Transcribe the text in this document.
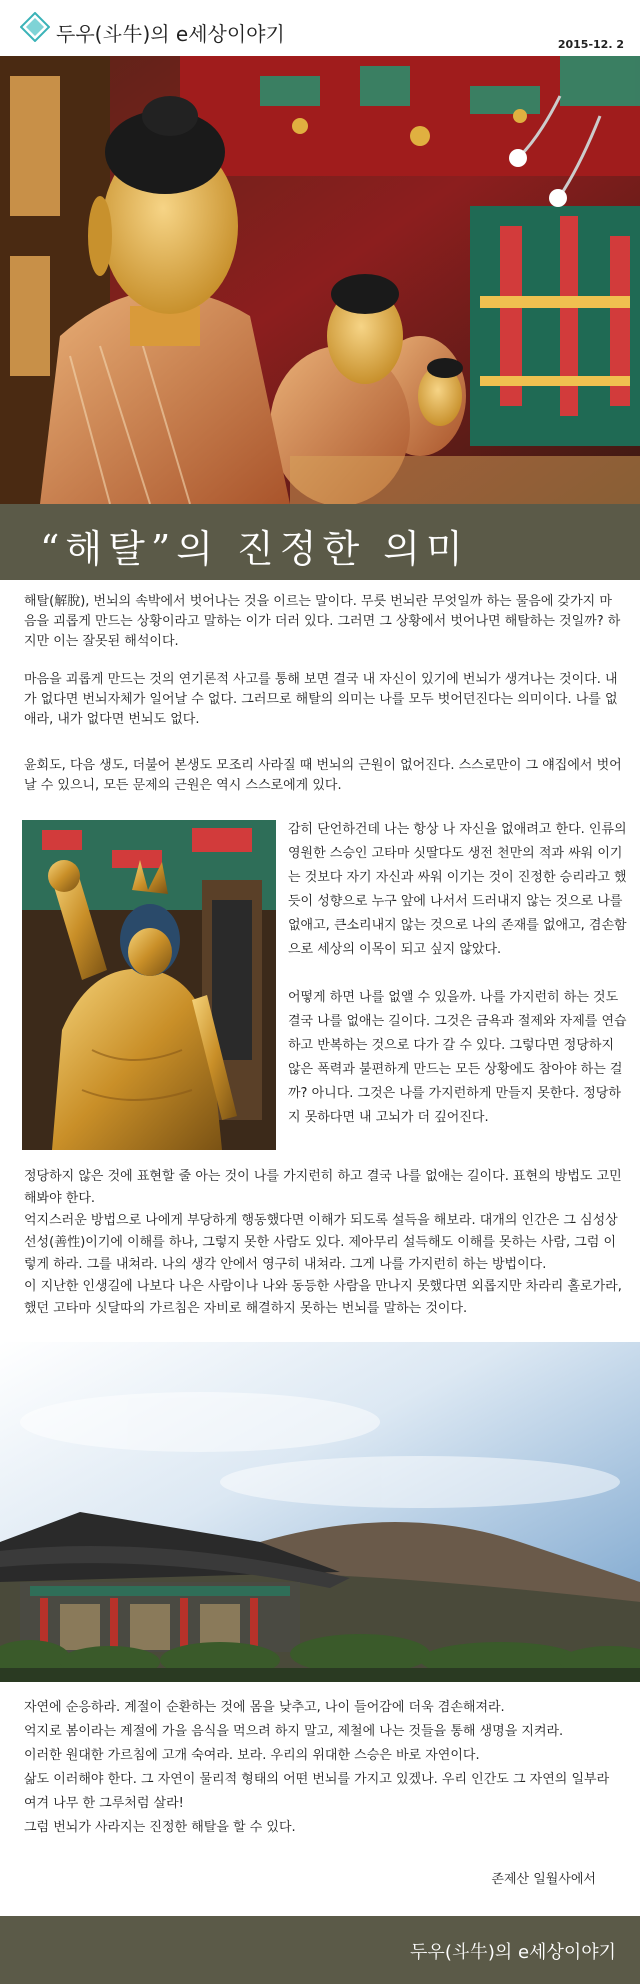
두우(斗牛)의 e세상이야기	2015-12. 2
“해탈”의 진정한 의미

해탈(解脫), 번뇌의 속박에서 벗어나는 것을 이르는 말이다. 무릇 번뇌란 무엇일까 하는 물음에 갖가지 마음을 괴롭게 만드는 상황이라고 말하는 이가 더러 있다. 그러면 그 상황에서 벗어나면 해탈하는 것일까? 하지만 이는 잘못된 해석이다.

마음을 괴롭게 만드는 것의 연기론적 사고를 통해 보면 결국 내 자신이 있기에 번뇌가 생겨나는 것이다. 내가 없다면 번뇌자체가 일어날 수 없다. 그러므로 해탈의 의미는 나를 모두 벗어던진다는 의미이다. 나를 없애라, 내가 없다면 번뇌도 없다.

윤회도, 다음 생도, 더불어 본생도 모조리 사라질 때 번뇌의 근원이 없어진다. 스스로만이 그 얘집에서 벗어날 수 있으니, 모든 문제의 근원은 역시 스스로에게 있다.

감히 단언하건데 나는 항상 나 자신을 없애려고 한다. 인류의 영원한 스승인 고타마 싯딸다도 생전 천만의 적과 싸워 이기는 것보다 자기 자신과 싸워 이기는 것이 진정한 승리라고 했듯이 성향으로 누구 앞에 나서서 드러내지 않는 것으로 나를 없애고, 큰소리내지 않는 것으로 나의 존재를 없애고, 겸손함으로 세상의 이목이 되고 싶지 않았다.

어떻게 하면 나를 없앨 수 있을까. 나를 가지런히 하는 것도 결국 나를 없애는 길이다. 그것은 금욕과 절제와 자제를 연습하고 반복하는 것으로 다가 갈 수 있다. 그렇다면 정당하지 않은 폭력과 불편하게 만드는 모든 상황에도 참아야 하는 걸까? 아니다. 그것은 나를 가지런하게 만들지 못한다. 정당하지 못하다면 내 고뇌가 더 깊어진다.

정당하지 않은 것에 표현할 줄 아는 것이 나를 가지런히 하고 결국 나를 없애는 길이다. 표현의 방법도 고민해봐야 한다.

억지스러운 방법으로 나에게 부당하게 행동했다면 이해가 되도록 설득을 해보라. 대개의 인간은 그 심성상 선성(善性)이기에 이해를 하나, 그렇지 못한 사람도 있다. 제아무리 설득해도 이해를 못하는 사람, 그럼 이렇게 하라. 그를 내쳐라. 나의 생각 안에서 영구히 내쳐라. 그게 나를 가지런히 하는 방법이다.

이 지난한 인생길에 나보다 나은 사람이나 나와 동등한 사람을 만나지 못했다면 외롭지만 차라리 홀로가라, 했던 고타마 싯달따의 가르침은 자비로 해결하지 못하는 번뇌를 말하는 것이다.

자연에 순응하라. 계절이 순환하는 것에 몸을 낮추고, 나이 들어감에 더욱 겸손해져라.

억지로 봄이라는 계절에 가을 음식을 먹으려 하지 말고, 제철에 나는 것들을 통해 생명을 지켜라.

이러한 원대한 가르침에 고개 숙여라. 보라. 우리의 위대한 스승은 바로 자연이다.

삶도 이러해야 한다. 그 자연이 물리적 형태의 어떤 번뇌를 가지고 있겠나. 우리 인간도 그 자연의 일부라 여겨 나무 한 그루처럼 살라!

그럼 번뇌가 사라지는 진정한 해탈을 할 수 있다.

존제산 일월사에서
두우(斗牛)의 e세상이야기
